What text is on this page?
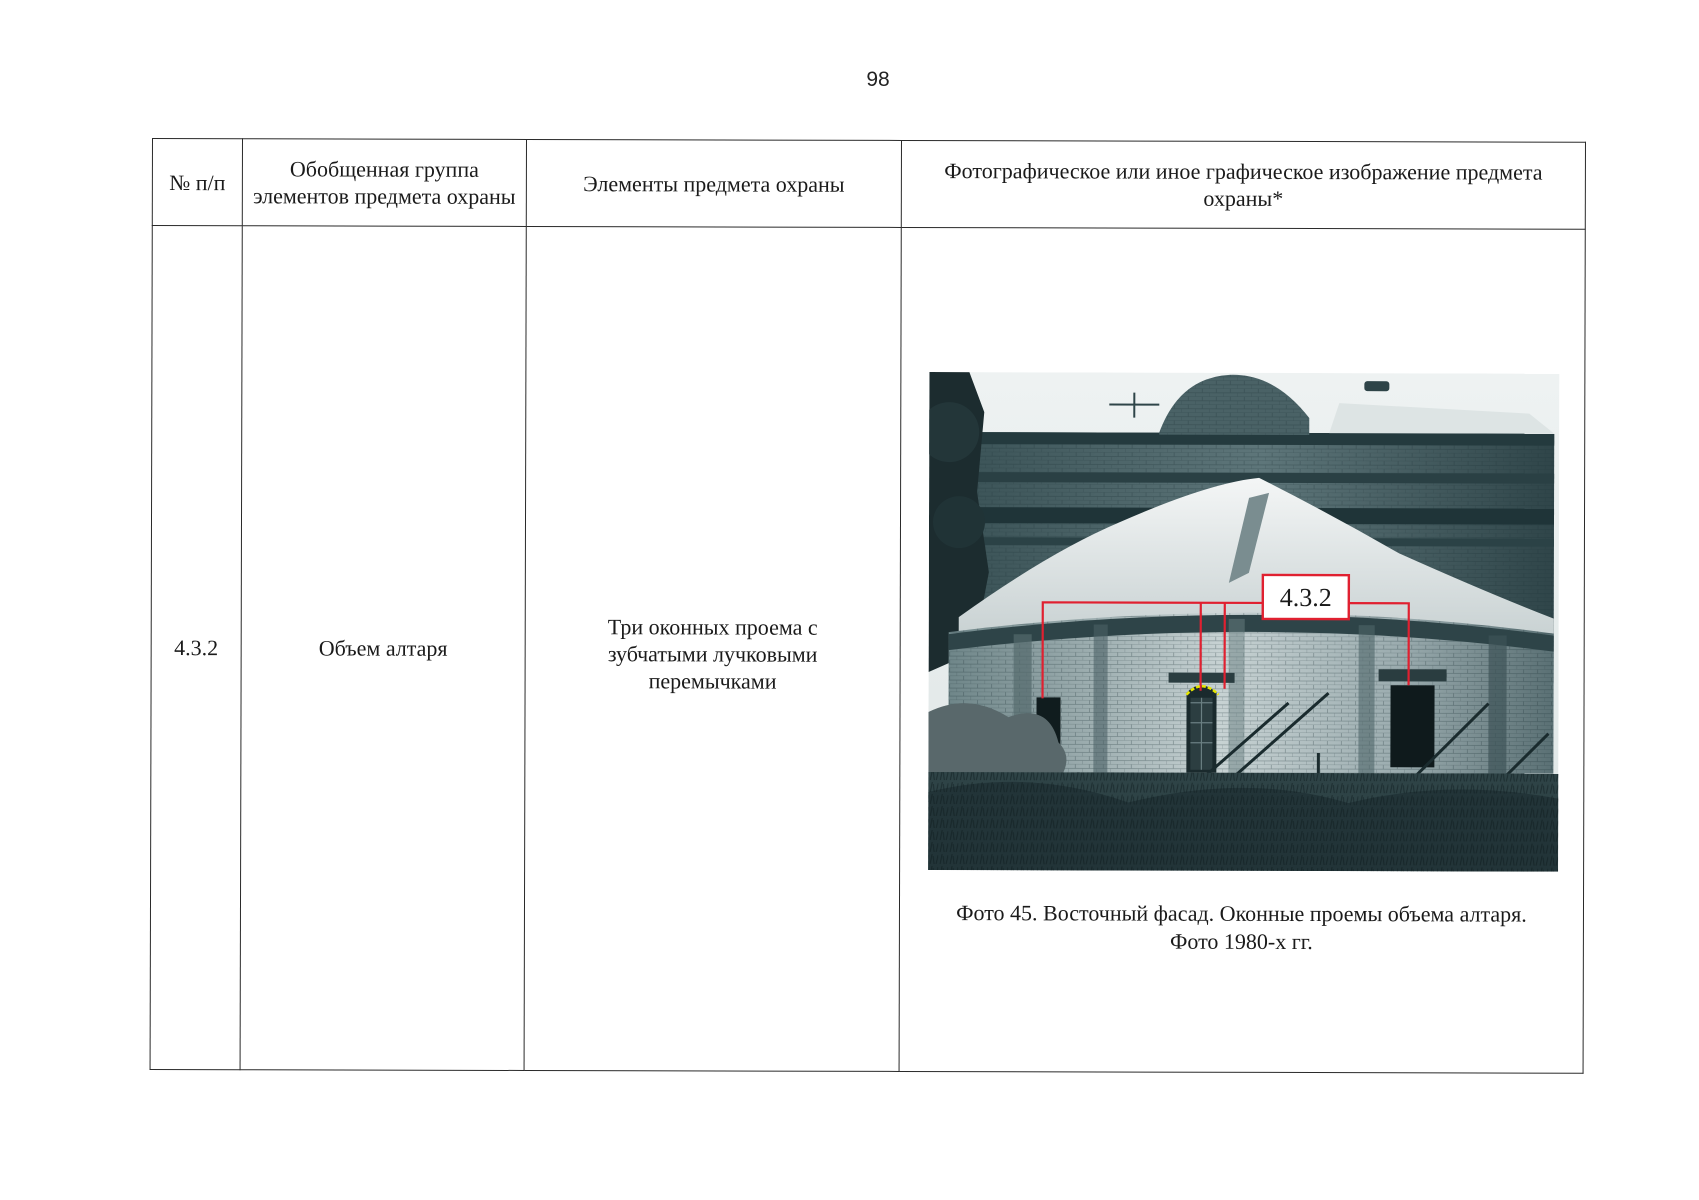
98
№ п/п	Обобщенная группа элементов предмета охраны	Элементы предмета охраны	Фотографическое или иное графическое изображение предмета охраны*
4.3.2	Объем алтаря	Три оконных проема с зубчатыми лучковыми перемычками	4.3.2
Фото 45. Восточный фасад. Оконные проемы объема алтаря.
Фото 1980-х гг.
